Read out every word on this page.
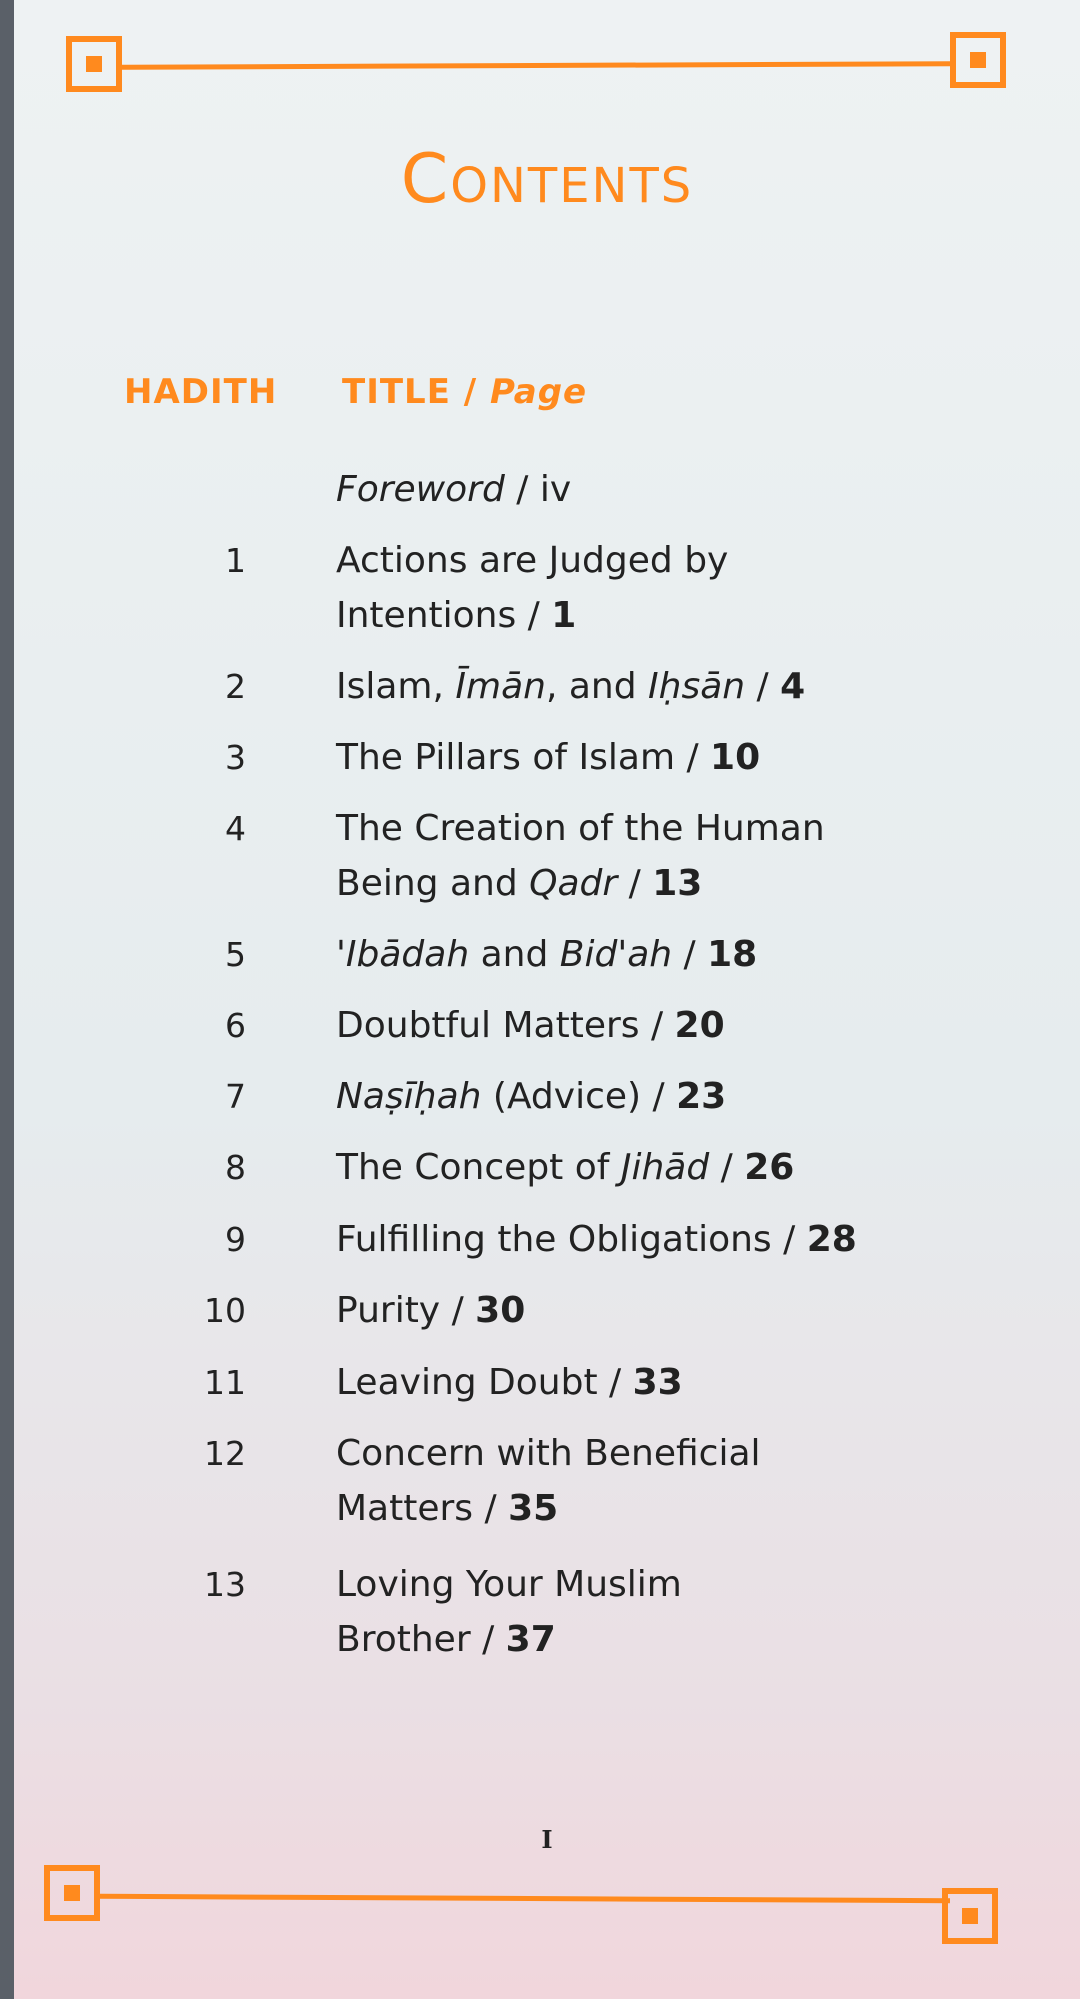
Contents
HADITH TITLE / Page
Foreword / iv
1	Actions are Judged by
Intentions / 1
2	Islam, Īmān, and Iḥsān / 4
3	The Pillars of Islam / 10
4	The Creation of the Human
Being and Qadr / 13
5	'Ibādah and Bid'ah / 18
6	Doubtful Matters / 20
7	Naṣīḥah (Advice) / 23
8	The Concept of Jihād / 26
9	Fulfilling the Obligations / 28
10	Purity / 30
11	Leaving Doubt / 33
12	Concern with Beneficial
Matters / 35
13	Loving Your Muslim
Brother / 37
I
